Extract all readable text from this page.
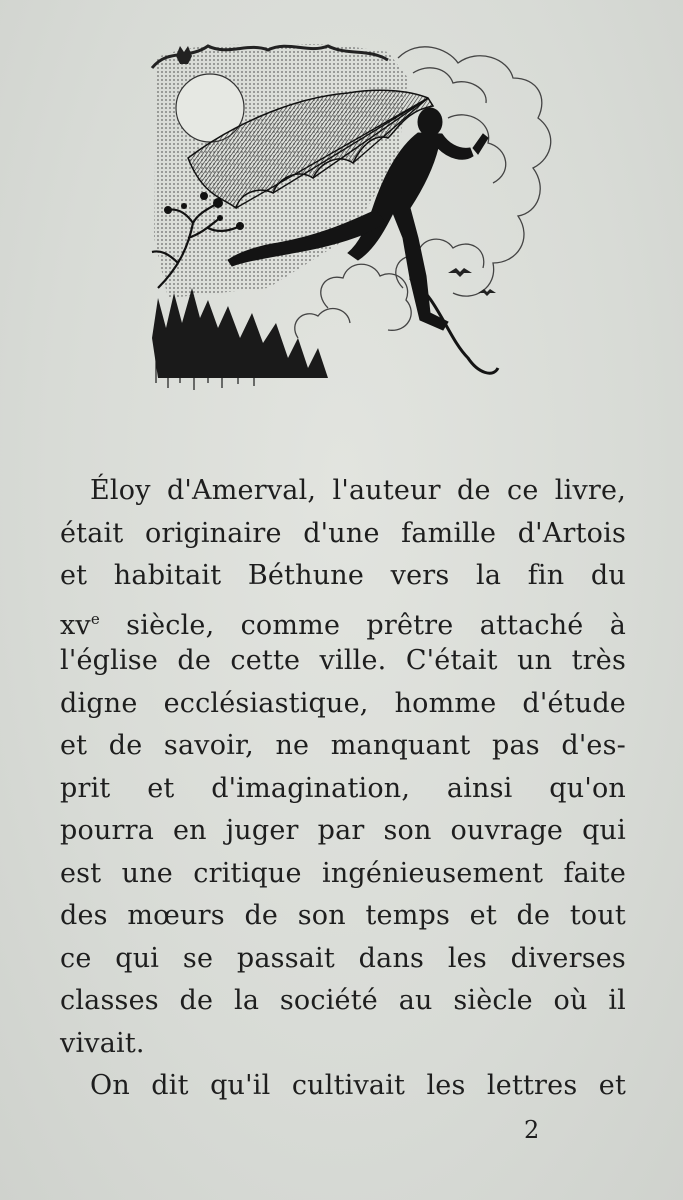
Éloy d'Amerval, l'auteur de ce livre,
était originaire d'une famille d'Artois
et habitait Béthune vers la fin du
$xv^e$ siècle, comme prêtre attaché à
l'église de cette ville. C'était un très
digne ecclésiastique, homme d'étude
et de savoir, ne manquant pas d'es-
prit et d'imagination, ainsi qu'on
pourra en juger par son ouvrage qui
est une critique ingénieusement faite
des mœurs de son temps et de tout
ce qui se passait dans les diverses
classes de la société au siècle où il
vivait.
On dit qu'il cultivait les lettres et
2
